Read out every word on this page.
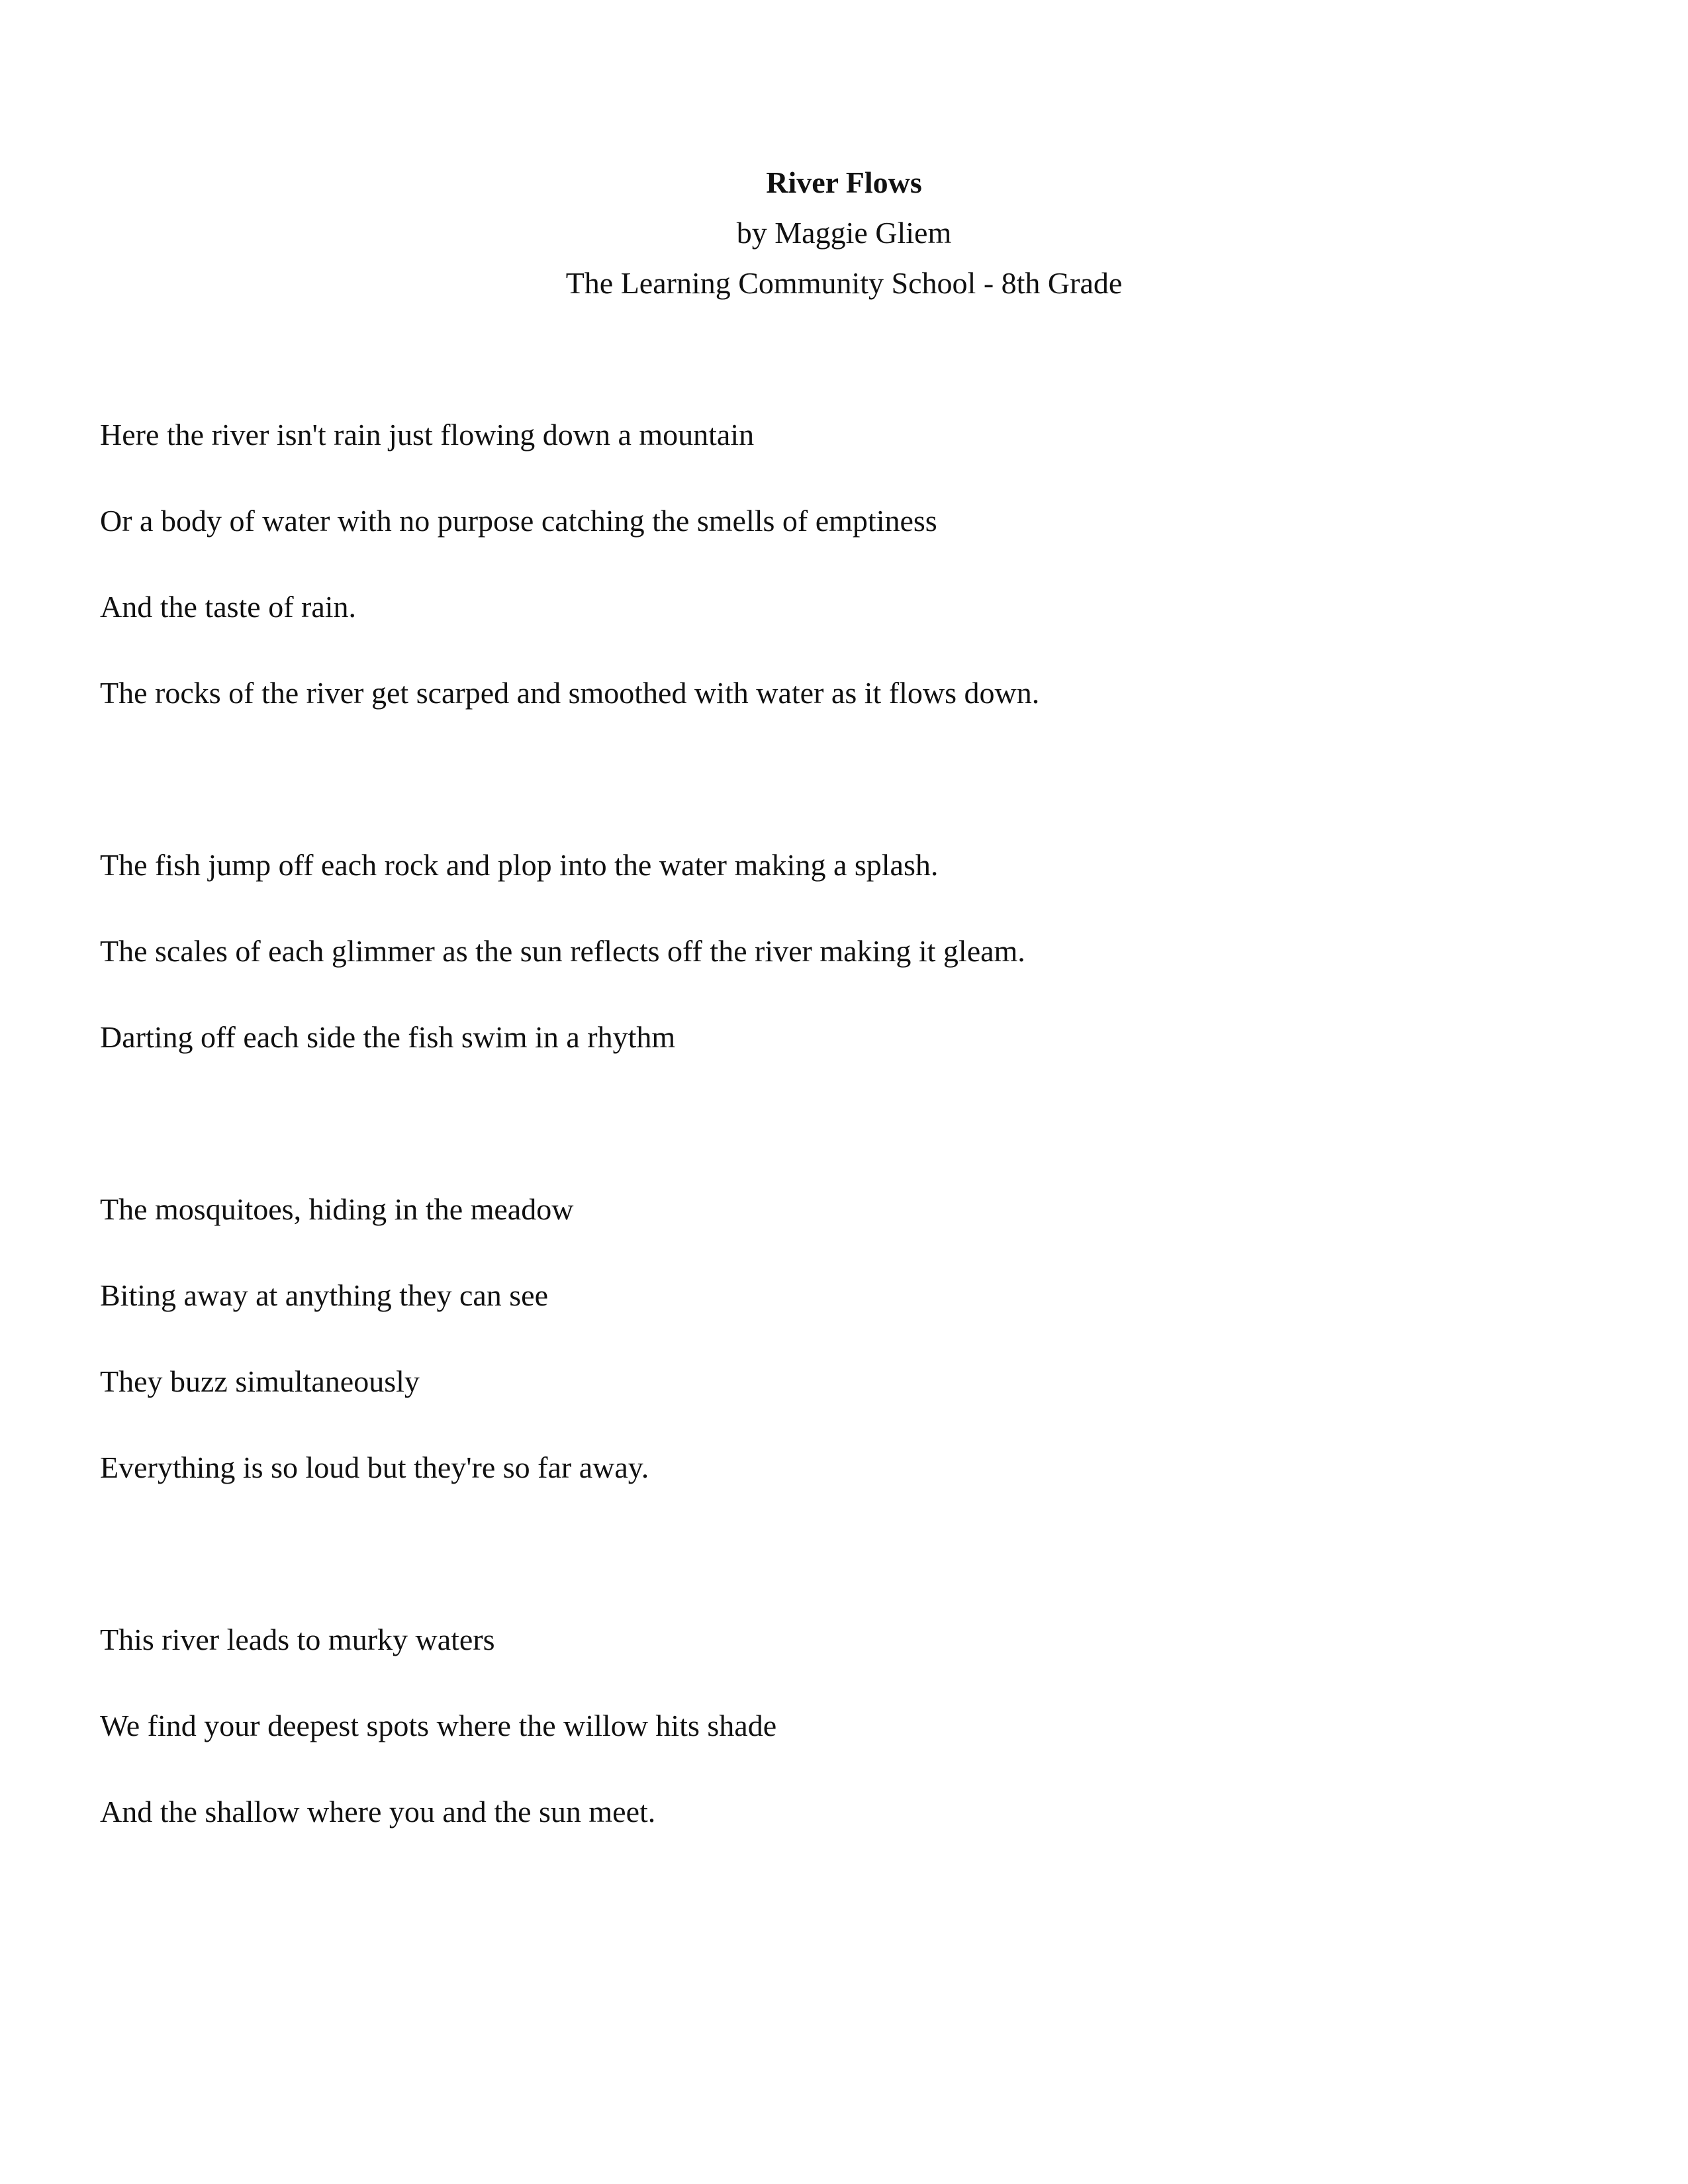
River Flows
by Maggie Gliem
The Learning Community School - 8th Grade
Here the river isn't rain just flowing down a mountain
Or a body of water with no purpose catching the smells of emptiness
And the taste of rain.
The rocks of the river get scarped and smoothed with water as it flows down.
The fish jump off each rock and plop into the water making a splash.
The scales of each glimmer as the sun reflects off the river making it gleam.
Darting off each side the fish swim in a rhythm
The mosquitoes, hiding in the meadow
Biting away at anything they can see
They buzz simultaneously
Everything is so loud but they're so far away.
This river leads to murky waters
We find your deepest spots where the willow hits shade
And the shallow where you and the sun meet.
